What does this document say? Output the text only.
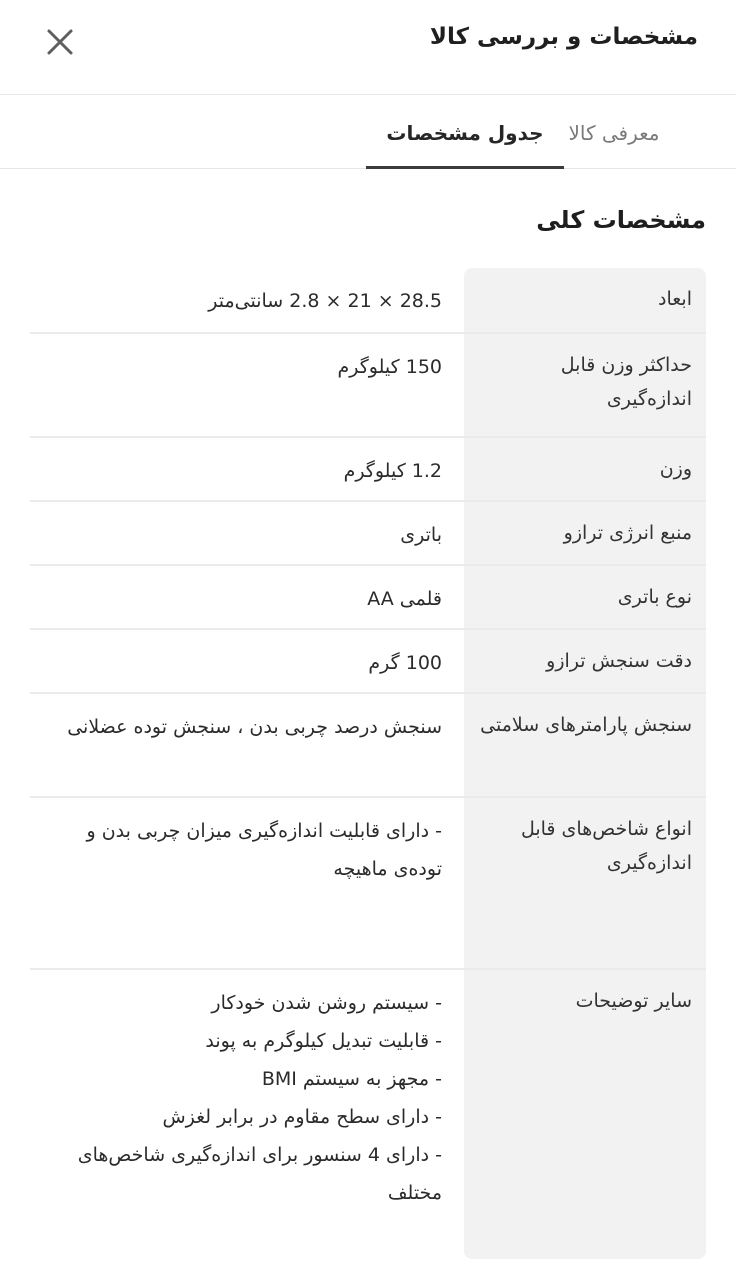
مشخصات و بررسی کالا
معرفی کالا
جدول مشخصات
مشخصات کلی
ابعاد
28.5 × 21 × 2.8 سانتی‌متر
حداکثر وزن قابل اندازه‌گیری
150 کیلوگرم
وزن
1.2 کیلوگرم
منبع انرژی ترازو
باتری
نوع باتری
قلمی AA
دقت سنجش ترازو
100 گرم
سنجش پارامترهای سلامتی
سنجش درصد چربی بدن ، سنجش توده عضلانی
انواع شاخص‌های قابل اندازه‌گیری
- دارای قابلیت اندازه‌گیری میزان چربی بدن و توده‌ی ماهیچه
سایر توضیحات
- سیستم روشن شدن خودکار
- قابلیت تبدیل کیلوگرم به پوند
- مجهز به سیستم BMI
- دارای سطح مقاوم در برابر لغزش
- دارای 4 سنسور برای اندازه‌گیری شاخص‌های مختلف
